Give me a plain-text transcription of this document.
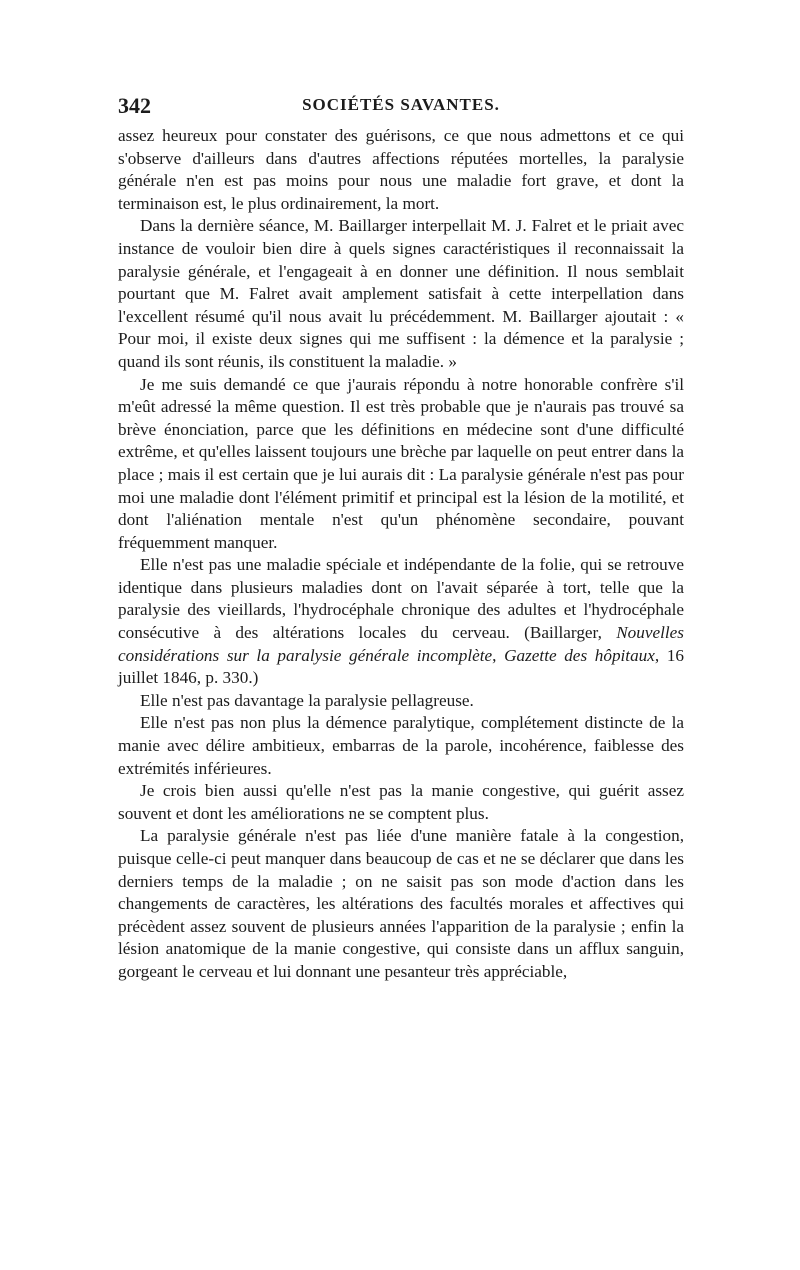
342	SOCIÉTÉS SAVANTES.

assez heureux pour constater des guérisons, ce que nous admettons et ce qui s'observe d'ailleurs dans d'autres affections réputées mortelles, la paralysie générale n'en est pas moins pour nous une maladie fort grave, et dont la terminaison est, le plus ordinairement, la mort.

Dans la dernière séance, M. Baillarger interpellait M. J. Falret et le priait avec instance de vouloir bien dire à quels signes caractéristiques il reconnaissait la paralysie générale, et l'engageait à en donner une définition. Il nous semblait pourtant que M. Falret avait amplement satisfait à cette interpellation dans l'excellent résumé qu'il nous avait lu précédemment. M. Baillarger ajoutait : « Pour moi, il existe deux signes qui me suffisent : la démence et la paralysie ; quand ils sont réunis, ils constituent la maladie. »

Je me suis demandé ce que j'aurais répondu à notre honorable confrère s'il m'eût adressé la même question. Il est très probable que je n'aurais pas trouvé sa brève énonciation, parce que les définitions en médecine sont d'une difficulté extrême, et qu'elles laissent toujours une brèche par laquelle on peut entrer dans la place ; mais il est certain que je lui aurais dit : La paralysie générale n'est pas pour moi une maladie dont l'élément primitif et principal est la lésion de la motilité, et dont l'aliénation mentale n'est qu'un phénomène secondaire, pouvant fréquemment manquer.

Elle n'est pas une maladie spéciale et indépendante de la folie, qui se retrouve identique dans plusieurs maladies dont on l'avait séparée à tort, telle que la paralysie des vieillards, l'hydrocéphale chronique des adultes et l'hydrocéphale consécutive à des altérations locales du cerveau. (Baillarger, Nouvelles considérations sur la paralysie générale incomplète, Gazette des hôpitaux, 16 juillet 1846, p. 330.)

Elle n'est pas davantage la paralysie pellagreuse.

Elle n'est pas non plus la démence paralytique, complétement distincte de la manie avec délire ambitieux, embarras de la parole, incohérence, faiblesse des extrémités inférieures.

Je crois bien aussi qu'elle n'est pas la manie congestive, qui guérit assez souvent et dont les améliorations ne se comptent plus.

La paralysie générale n'est pas liée d'une manière fatale à la congestion, puisque celle-ci peut manquer dans beaucoup de cas et ne se déclarer que dans les derniers temps de la maladie ; on ne saisit pas son mode d'action dans les changements de caractères, les altérations des facultés morales et affectives qui précèdent assez souvent de plusieurs années l'apparition de la paralysie ; enfin la lésion anatomique de la manie congestive, qui consiste dans un afflux sanguin, gorgeant le cerveau et lui donnant une pesanteur très appréciable,
